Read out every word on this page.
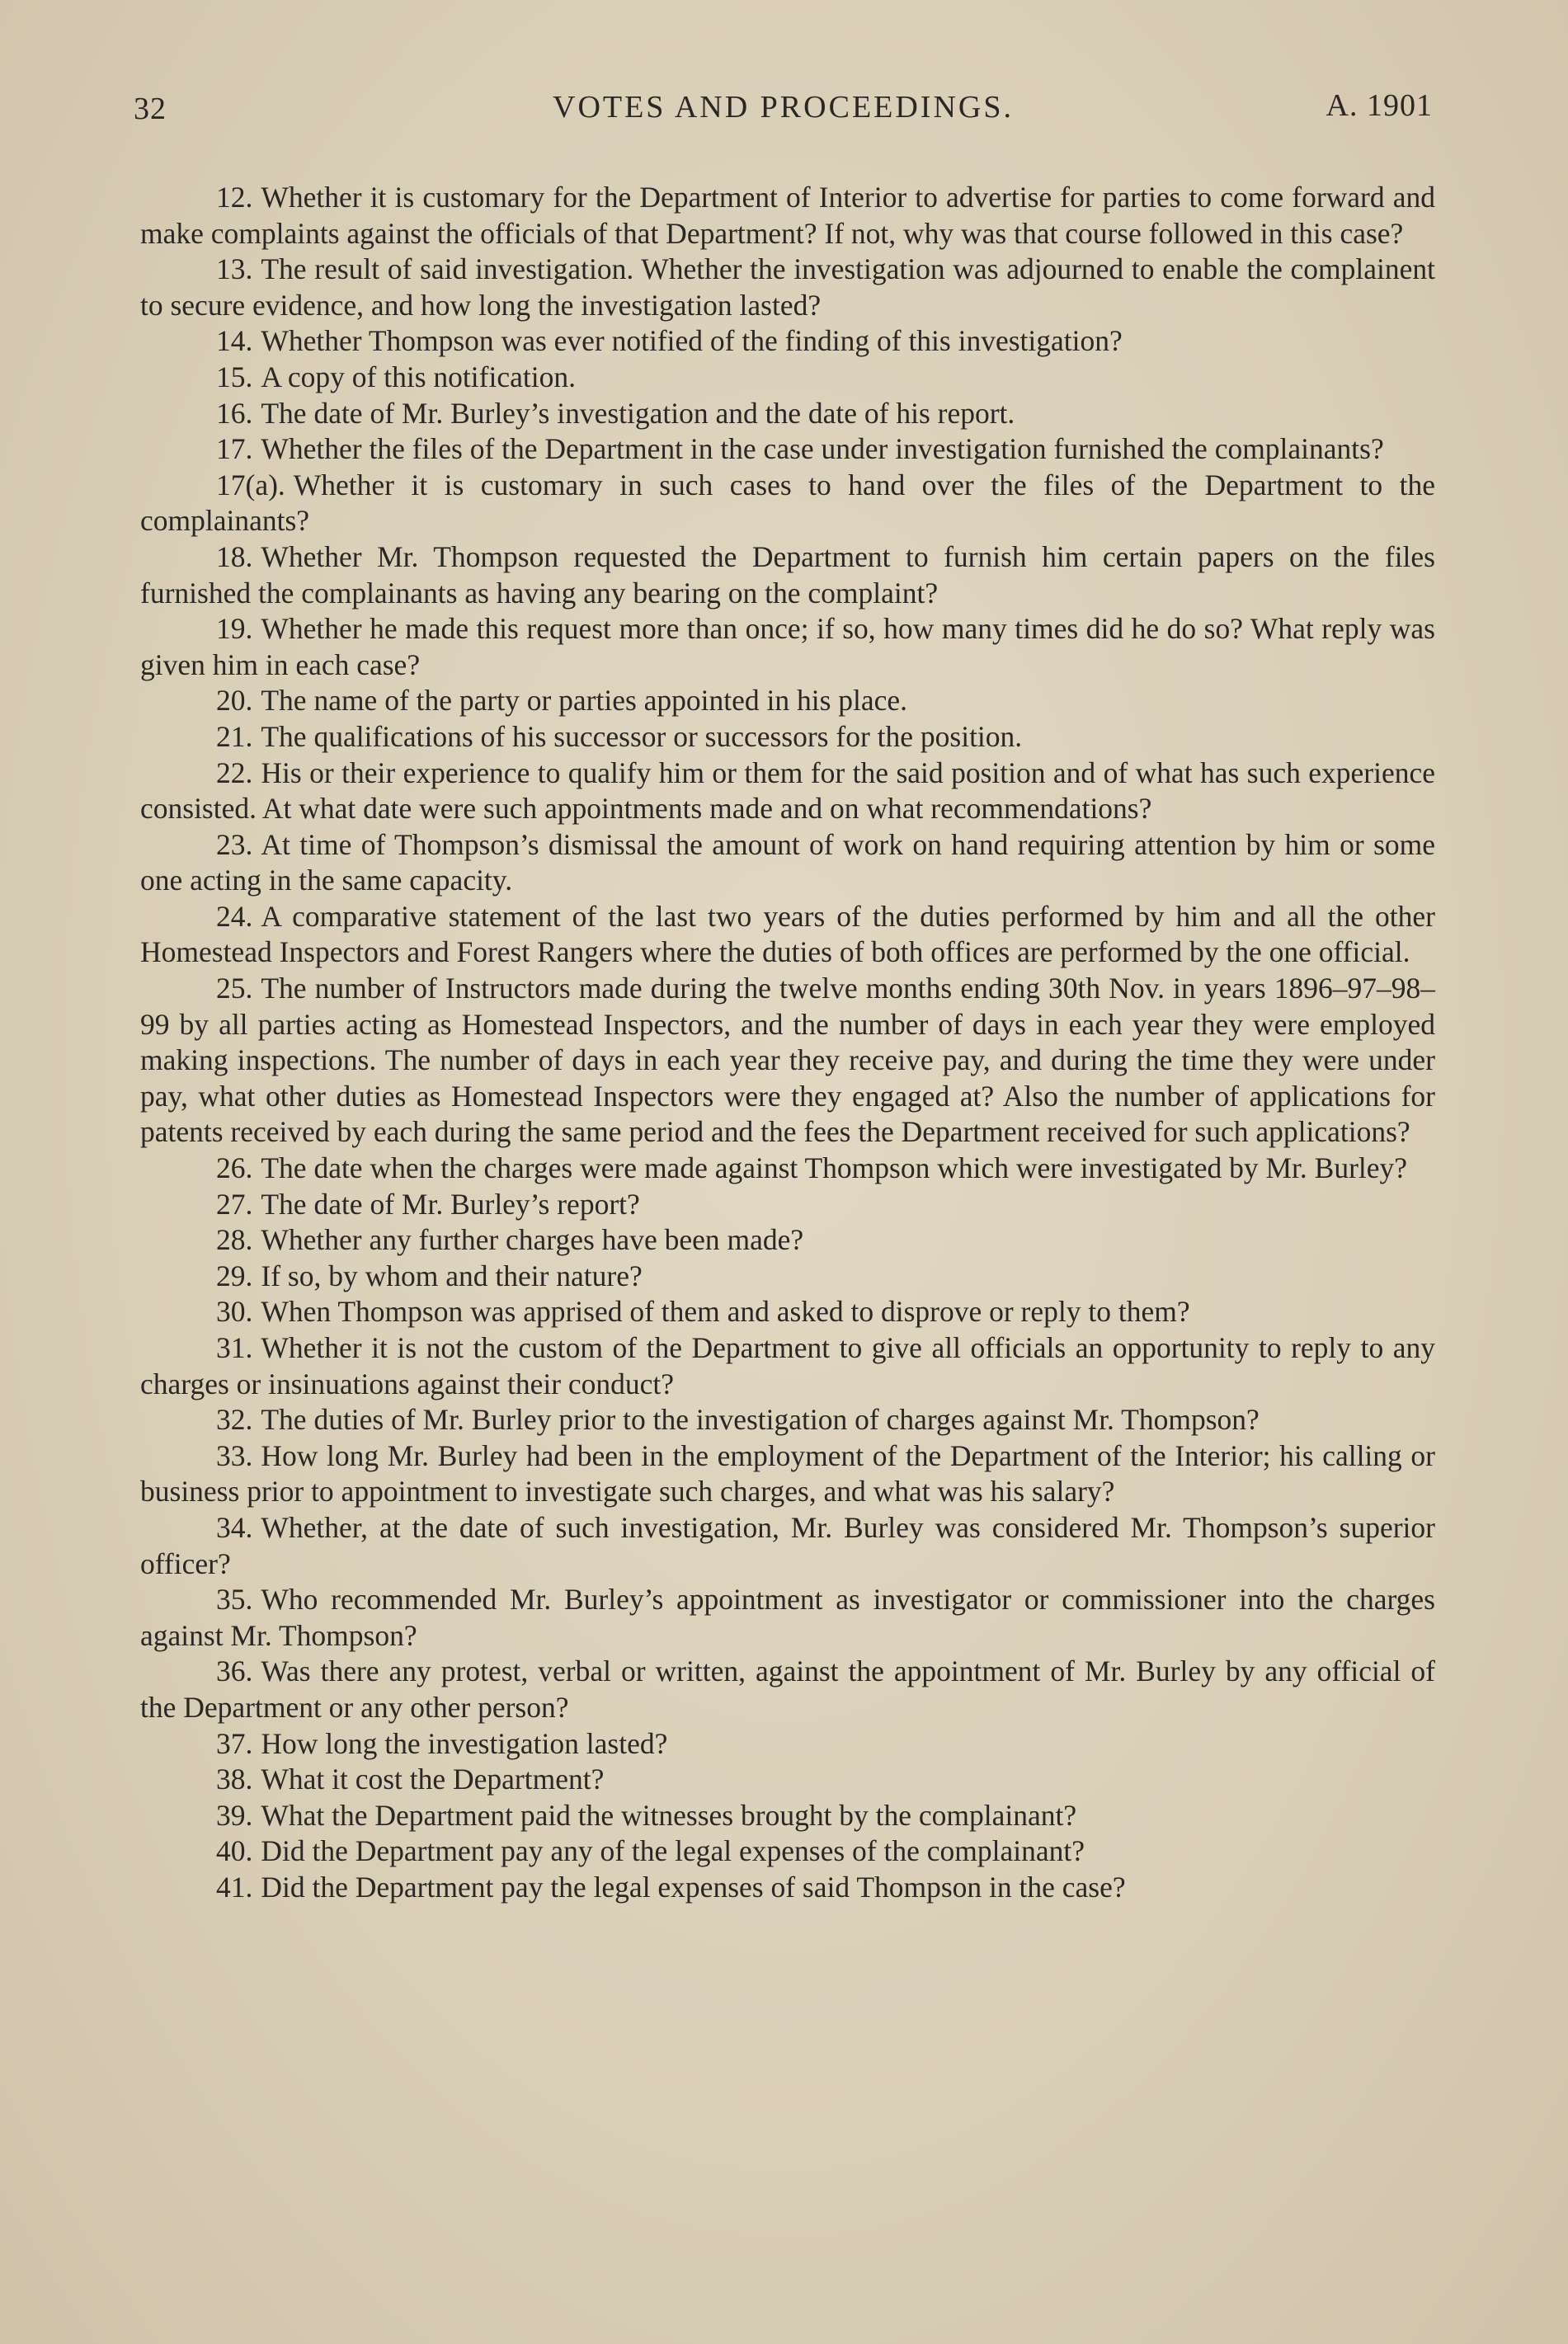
32	VOTES AND PROCEEDINGS.	A. 1901

12. Whether it is customary for the Department of Interior to advertise for parties to come forward and make complaints against the officials of that Department? If not, why was that course followed in this case?

13. The result of said investigation. Whether the investigation was adjourned to enable the complainent to secure evidence, and how long the investigation lasted?

14. Whether Thompson was ever notified of the finding of this investigation?

15. A copy of this notification.

16. The date of Mr. Burley’s investigation and the date of his report.

17. Whether the files of the Department in the case under investigation furnished the complainants?

17(a). Whether it is customary in such cases to hand over the files of the Department to the complainants?

18. Whether Mr. Thompson requested the Department to furnish him certain papers on the files furnished the complainants as having any bearing on the complaint?

19. Whether he made this request more than once; if so, how many times did he do so? What reply was given him in each case?

20. The name of the party or parties appointed in his place.

21. The qualifications of his successor or successors for the position.

22. His or their experience to qualify him or them for the said position and of what has such experience consisted. At what date were such appointments made and on what recommendations?

23. At time of Thompson’s dismissal the amount of work on hand requiring attention by him or some one acting in the same capacity.

24. A comparative statement of the last two years of the duties performed by him and all the other Homestead Inspectors and Forest Rangers where the duties of both offices are performed by the one official.

25. The number of Instructors made during the twelve months ending 30th Nov. in years 1896–97–98–99 by all parties acting as Homestead Inspectors, and the number of days in each year they were employed making inspections. The number of days in each year they receive pay, and during the time they were under pay, what other duties as Homestead Inspectors were they engaged at? Also the number of applications for patents received by each during the same period and the fees the Department received for such applications?

26. The date when the charges were made against Thompson which were investigated by Mr. Burley?

27. The date of Mr. Burley’s report?

28. Whether any further charges have been made?

29. If so, by whom and their nature?

30. When Thompson was apprised of them and asked to disprove or reply to them?

31. Whether it is not the custom of the Department to give all officials an opportunity to reply to any charges or insinuations against their conduct?

32. The duties of Mr. Burley prior to the investigation of charges against Mr. Thompson?

33. How long Mr. Burley had been in the employment of the Department of the Interior; his calling or business prior to appointment to investigate such charges, and what was his salary?

34. Whether, at the date of such investigation, Mr. Burley was considered Mr. Thompson’s superior officer?

35. Who recommended Mr. Burley’s appointment as investigator or commissioner into the charges against Mr. Thompson?

36. Was there any protest, verbal or written, against the appointment of Mr. Burley by any official of the Department or any other person?

37. How long the investigation lasted?

38. What it cost the Department?

39. What the Department paid the witnesses brought by the complainant?

40. Did the Department pay any of the legal expenses of the complainant?

41. Did the Department pay the legal expenses of said Thompson in the case?
